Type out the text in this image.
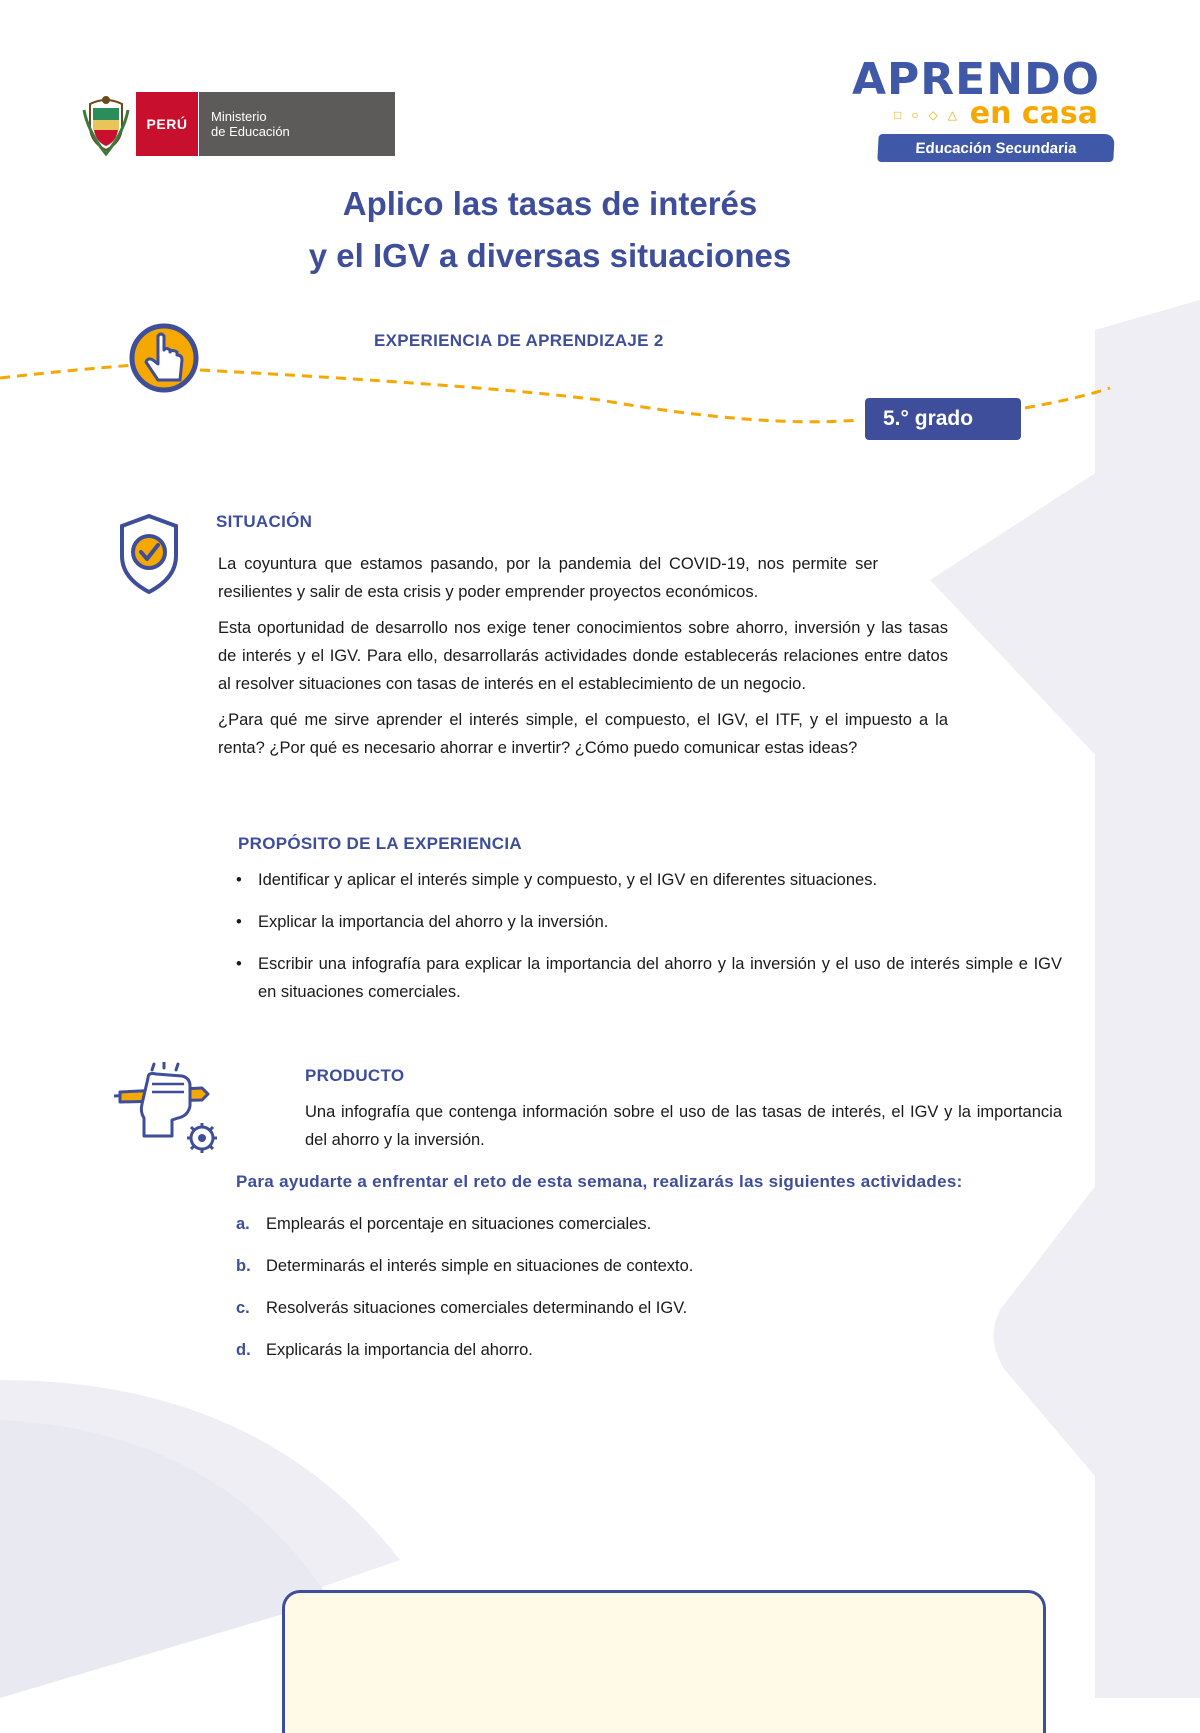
PERÚ	Ministerio
de Educación
APRENDO
□○◇△ en casa
Educación Secundaria
Aplico las tasas de interés
y el IGV a diversas situaciones
EXPERIENCIA DE APRENDIZAJE 2
5.° grado
SITUACIÓN

La coyuntura que estamos pasando, por la pandemia del COVID-19, nos permite ser resilientes y salir de esta crisis y poder emprender proyectos económicos.

Esta oportunidad de desarrollo nos exige tener conocimientos sobre ahorro, inversión y las tasas de interés y el IGV. Para ello, desarrollarás actividades donde establecerás relaciones entre datos al resolver situaciones con tasas de interés en el establecimiento de un negocio.

¿Para qué me sirve aprender el interés simple, el compuesto, el IGV, el ITF, y el impuesto a la renta? ¿Por qué es necesario ahorrar e invertir? ¿Cómo puedo comunicar estas ideas?

PROPÓSITO DE LA EXPERIENCIA
• Identificar y aplicar el interés simple y compuesto, y el IGV en diferentes situaciones.
• Explicar la importancia del ahorro y la inversión.
• Escribir una infografía para explicar la importancia del ahorro y la inversión y el uso de interés simple e IGV en situaciones comerciales.
PRODUCTO
Una infografía que contenga información sobre el uso de las tasas de interés, el IGV y la importancia del ahorro y la inversión.
Para ayudarte a enfrentar el reto de esta semana, realizarás las siguientes actividades:
a. Emplearás el porcentaje en situaciones comerciales.
b. Determinarás el interés simple en situaciones de contexto.
c. Resolverás situaciones comerciales determinando el IGV.
d. Explicarás la importancia del ahorro.
